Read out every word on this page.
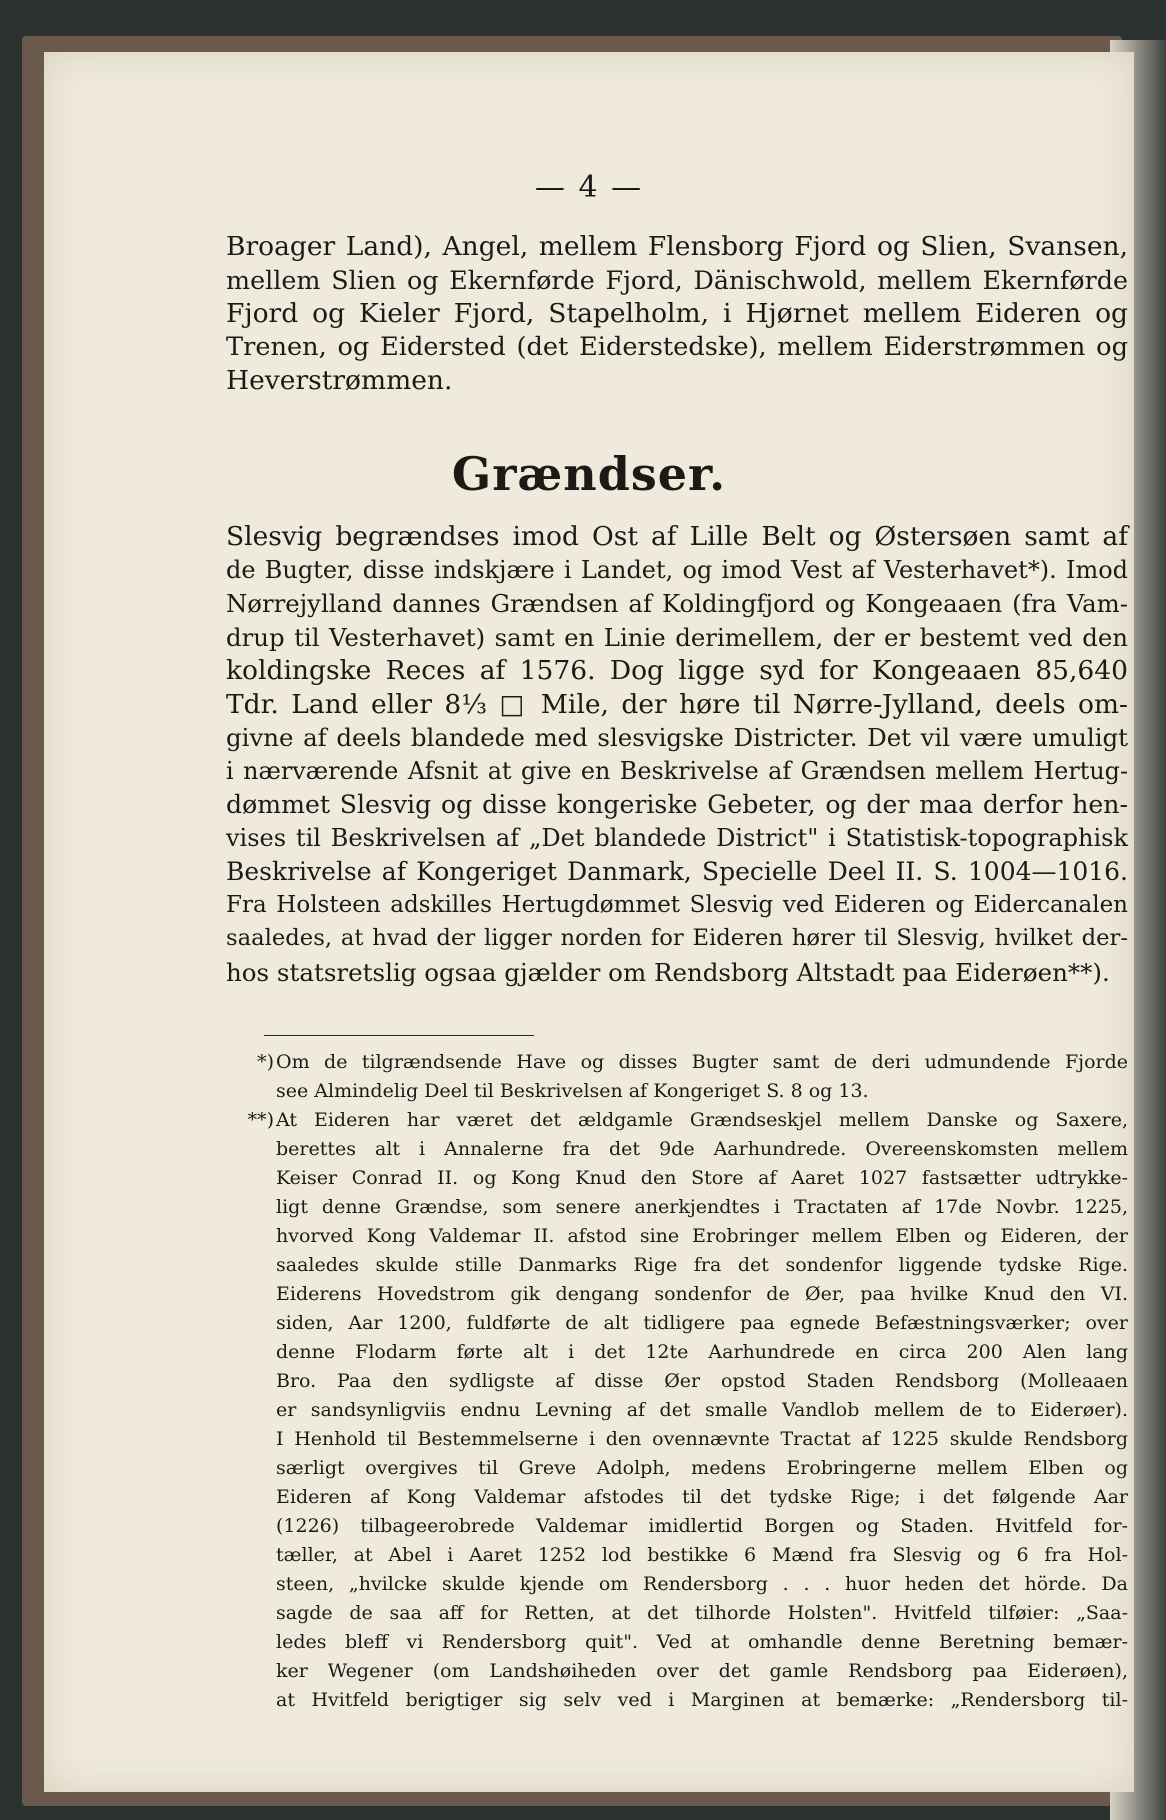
— 4 —
Broager Land), Angel, mellem Flensborg Fjord og Slien, Svansen,
mellem Slien og Ekernførde Fjord, Dänischwold, mellem Ekernførde
Fjord og Kieler Fjord, Stapelholm, i Hjørnet mellem Eideren og
Trenen, og Eidersted (det Eiderstedske), mellem Eiderstrømmen og
Heverstrømmen.
Grændser.
Slesvig begrændses imod Ost af Lille Belt og Østersøen samt af
de Bugter, disse indskjære i Landet, og imod Vest af Vesterhavet*). Imod
Nørrejylland dannes Grændsen af Koldingfjord og Kongeaaen (fra Vam-
drup til Vesterhavet) samt en Linie derimellem, der er bestemt ved den
koldingske Reces af 1576. Dog ligge syd for Kongeaaen 85,640
Tdr. Land eller 8⅓ □ Mile, der høre til Nørre-Jylland, deels om-
givne af deels blandede med slesvigske Districter. Det vil være umuligt
i nærværende Afsnit at give en Beskrivelse af Grændsen mellem Hertug-
dømmet Slesvig og disse kongeriske Gebeter, og der maa derfor hen-
vises til Beskrivelsen af „Det blandede District" i Statistisk-topographisk
Beskrivelse af Kongeriget Danmark, Specielle Deel II. S. 1004—1016.
Fra Holsteen adskilles Hertugdømmet Slesvig ved Eideren og Eidercanalen
saaledes, at hvad der ligger norden for Eideren hører til Slesvig, hvilket der-
hos statsretslig ogsaa gjælder om Rendsborg Altstadt paa Eiderøen**).
*) Om de tilgrændsende Have og disses Bugter samt de deri udmundende Fjorde
see Almindelig Deel til Beskrivelsen af Kongeriget S. 8 og 13.
**) At Eideren har været det ældgamle Grændseskjel mellem Danske og Saxere,
berettes alt i Annalerne fra det 9de Aarhundrede. Overeenskomsten mellem
Keiser Conrad II. og Kong Knud den Store af Aaret 1027 fastsætter udtrykke-
ligt denne Grændse, som senere anerkjendtes i Tractaten af 17de Novbr. 1225,
hvorved Kong Valdemar II. afstod sine Erobringer mellem Elben og Eideren, der
saaledes skulde stille Danmarks Rige fra det sondenfor liggende tydske Rige.
Eiderens Hovedstrom gik dengang sondenfor de Øer, paa hvilke Knud den VI.
siden, Aar 1200, fuldførte de alt tidligere paa egnede Befæstningsværker; over
denne Flodarm førte alt i det 12te Aarhundrede en circa 200 Alen lang
Bro. Paa den sydligste af disse Øer opstod Staden Rendsborg (Molleaaen
er sandsynligviis endnu Levning af det smalle Vandlob mellem de to Eiderøer).
I Henhold til Bestemmelserne i den ovennævnte Tractat af 1225 skulde Rendsborg
særligt overgives til Greve Adolph, medens Erobringerne mellem Elben og
Eideren af Kong Valdemar afstodes til det tydske Rige; i det følgende Aar
(1226) tilbageerobrede Valdemar imidlertid Borgen og Staden. Hvitfeld for-
tæller, at Abel i Aaret 1252 lod bestikke 6 Mænd fra Slesvig og 6 fra Hol-
steen, „hvilcke skulde kjende om Rendersborg . . . huor heden det hörde. Da
sagde de saa aff for Retten, at det tilhorde Holsten". Hvitfeld tilføier: „Saa-
ledes bleff vi Rendersborg quit". Ved at omhandle denne Beretning bemær-
ker Wegener (om Landshøiheden over det gamle Rendsborg paa Eiderøen),
at Hvitfeld berigtiger sig selv ved i Marginen at bemærke: „Rendersborg til-
